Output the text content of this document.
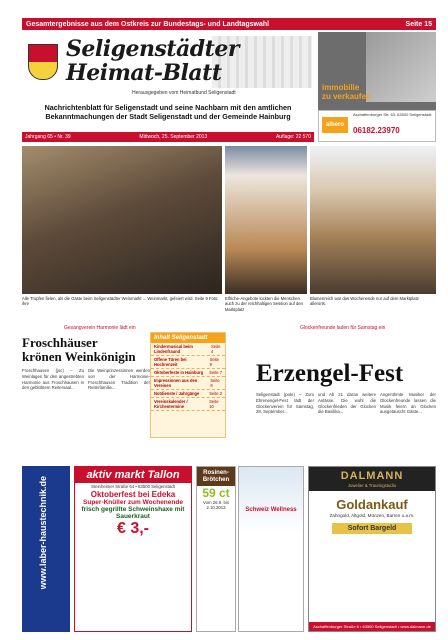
Gesamtergebnisse aus dem Ostkreis zur Bundestags- und Landtagswahl	Seite 15
Seligenstädter
Heimat-Blatt
Herausgegeben vom Heimatbund Seligenstadt
Nachrichtenblatt für Seligenstadt und seine Nachbarn mit den amtlichen Bekanntmachungen der Stadt Seligenstadt und der Gemeinde Hainburg
Jahrgang 65 • Nr. 39	Mittwoch, 25. September 2013	Auflage: 22 570
immobilie
zu verkaufen
albero
Aschaffenburger Str. 63, 63500 Seligenstadt
06182.23970
Alle Tropfen fielen, als die Gäste beim Seligenstädter Weinmarkt ... Weinmarkt, gefeiert wird. Seite 9 Foto: ihre
Elfriche-Angebote lockten die Menschen auch zu der reichhaltigen Session auf den Marktplatz
Blumenreich war das Wochenende nur auf dem Marktplatz allerorts.
Gesangverein Harmonie lädt ein
Froschhäuser
krönen Weinkönigin
Froschhausen (jsc) – Zu Weinlagen für den angestrebten Harmonie aus Froschhausen in den geblühtem Reitersaal...
Die Weinprinzessinnen werden von der Harmonie-Froschhausen Tradition der Reiterfamilie...
Inhalt Seligenstadt
Kindermusical beim Lindenfraund
Seite 4
Offene Türen bei Hochrenzeit
Seite 9
Oktoberfeste in Hainburg Seite 7
Impressionen aus den Vereinen
Seite 8
Notdienste / Jahrgänge Seite 2
Vereinskalender / Kirchentermine
Seite 10
Glockenfreunde laden für Samstag ein
Erzengel-Fest
Seligenstadt (pole) – Zum Ehrenengel-Fest lädt der Glockenverein für Samstag, 28. September...
und Ab 21 daran weitere Anlässe. Die wohl die Glockenfrieden der Glocken die Basilika...
Angerühmte Musiker der Glockenfreunde lassen die Musik feiern an Glocken ausgetauscht Gäste...
www.laber-haustechnik.de
aktiv markt Tallon
Steinheimer Straße 64 • 63500 Seligenstadt
Oktoberfest bei Edeka
Super-Knüller zum Wochenende
frisch gegrillte Schweinshaxe mit Sauerkraut
€ 3,-
Rosinen-Brötchen
59 ct
Vom 26.9. bis 2.10.2013	Schweiz Wellness
DALMANN
Juwelier & Trauringstudio
Goldankauf
Zahngold, Altgold, Münzen, Barren u.a.m.
Sofort Bargeld
Aschaffenburger Straße 6 • 63500 Seligenstadt • www.dalmann.de
